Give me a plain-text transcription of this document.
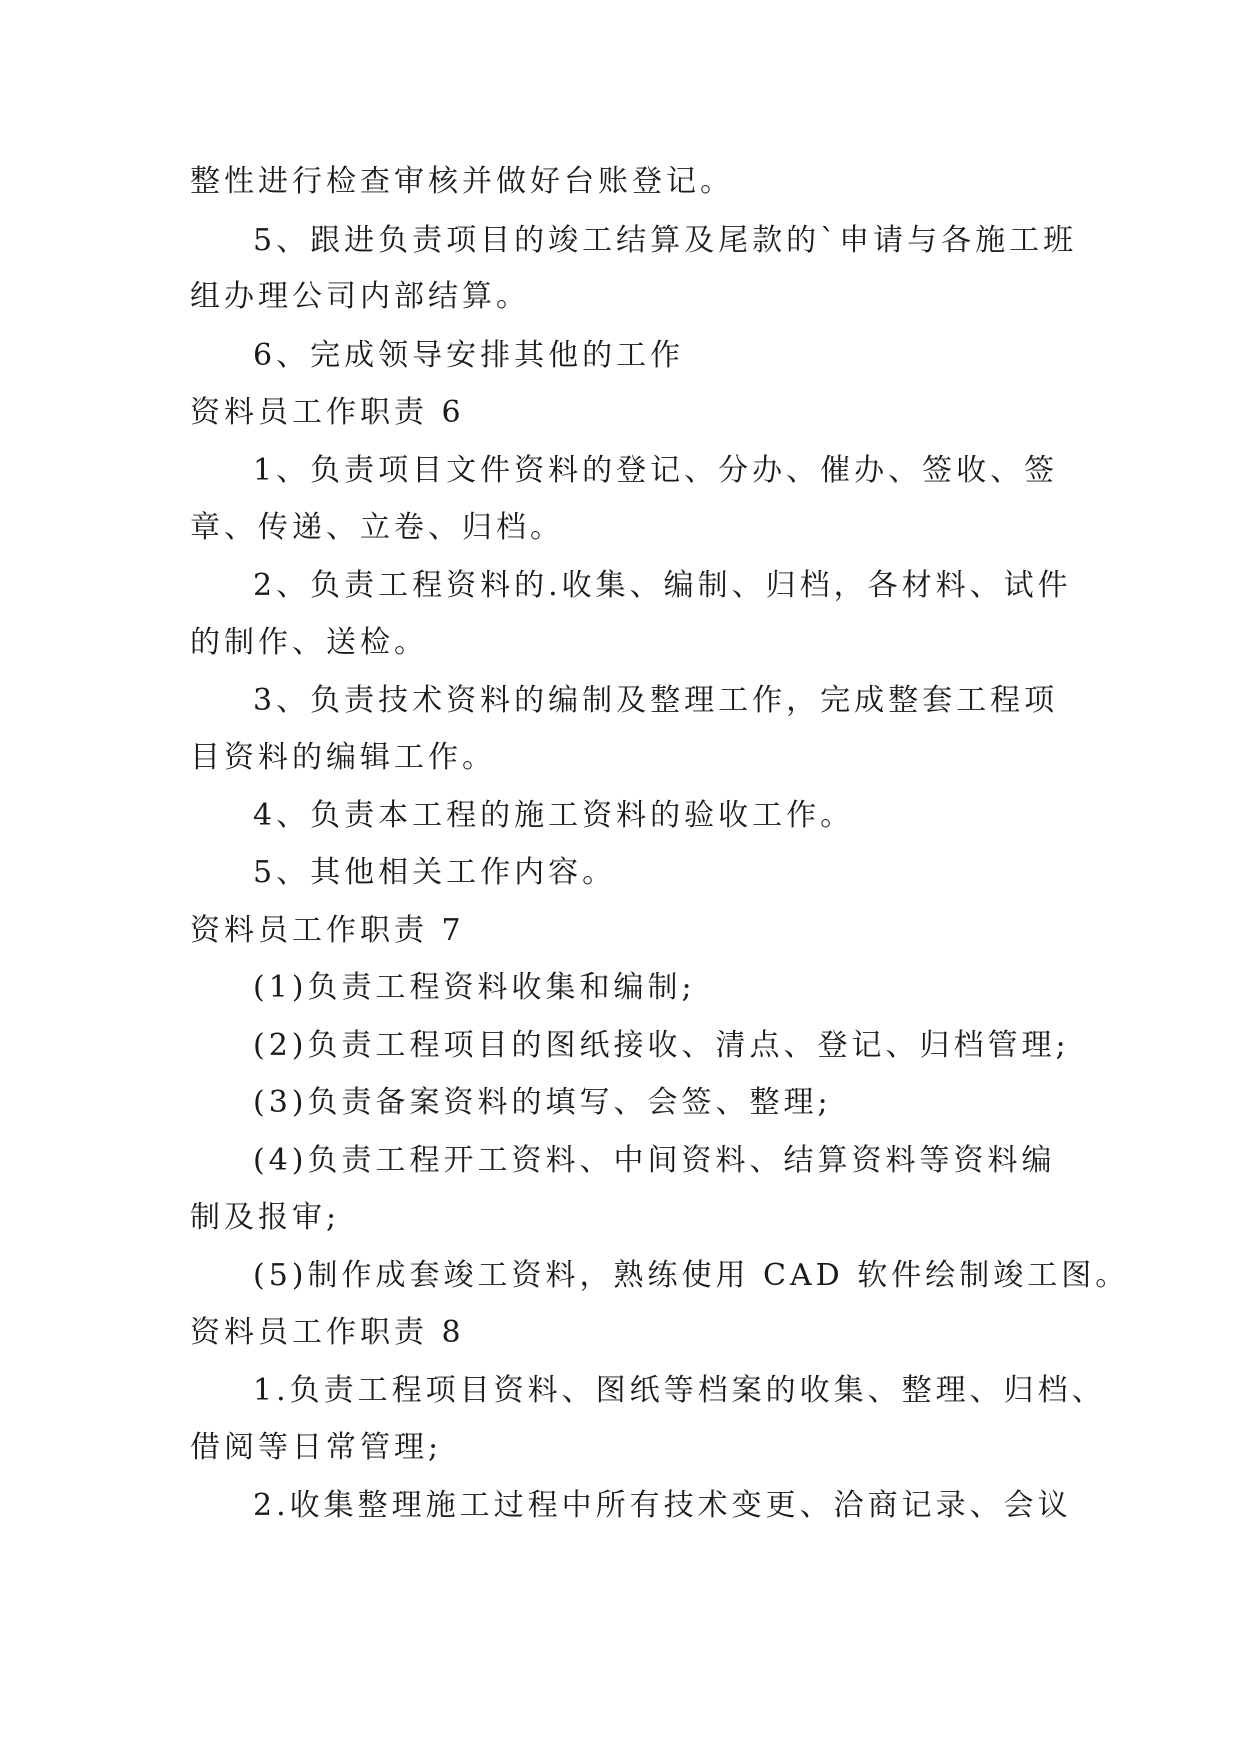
整性进行检查审核并做好台账登记。
5、跟进负责项目的竣工结算及尾款的`申请与各施工班
组办理公司内部结算。
6、完成领导安排其他的工作
资料员工作职责 6
1、负责项目文件资料的登记、分办、催办、签收、签
章、传递、立卷、归档。
2、负责工程资料的.收集、编制、归档，各材料、试件
的制作、送检。
3、负责技术资料的编制及整理工作，完成整套工程项
目资料的编辑工作。
4、负责本工程的施工资料的验收工作。
5、其他相关工作内容。
资料员工作职责 7
(1)负责工程资料收集和编制;
(2)负责工程项目的图纸接收、清点、登记、归档管理;
(3)负责备案资料的填写、会签、整理;
(4)负责工程开工资料、中间资料、结算资料等资料编
制及报审;
(5)制作成套竣工资料，熟练使用 CAD 软件绘制竣工图。
资料员工作职责 8
1.负责工程项目资料、图纸等档案的收集、整理、归档、
借阅等日常管理;
2.收集整理施工过程中所有技术变更、洽商记录、会议
